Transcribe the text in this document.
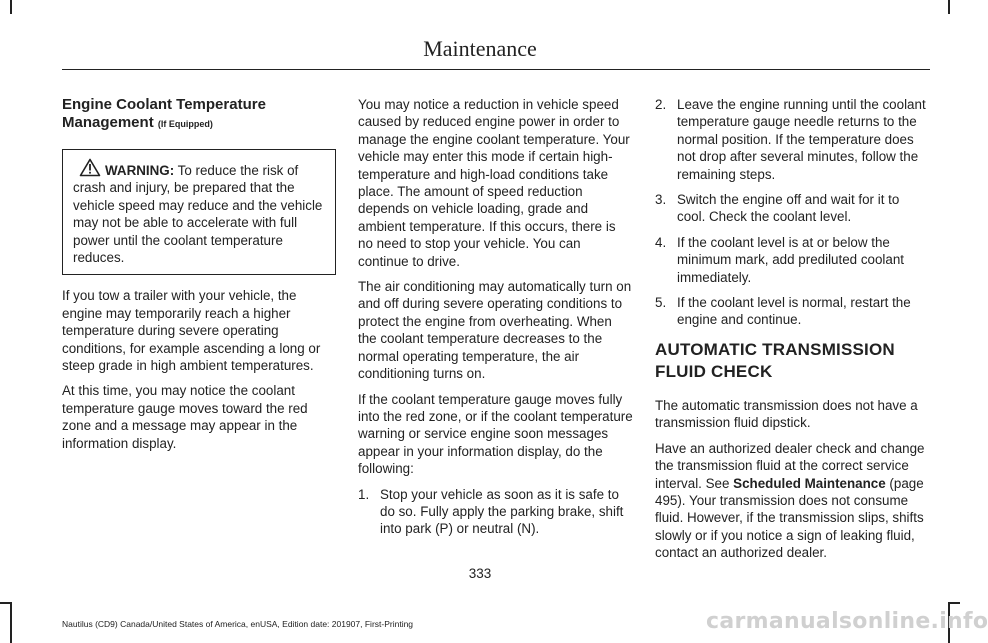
Maintenance
Engine Coolant Temperature Management (If Equipped)
WARNING: To reduce the risk of crash and injury, be prepared that the vehicle speed may reduce and the vehicle may not be able to accelerate with full power until the coolant temperature reduces.

If you tow a trailer with your vehicle, the engine may temporarily reach a higher temperature during severe operating conditions, for example ascending a long or steep grade in high ambient temperatures.

At this time, you may notice the coolant temperature gauge moves toward the red zone and a message may appear in the information display.

You may notice a reduction in vehicle speed caused by reduced engine power in order to manage the engine coolant temperature. Your vehicle may enter this mode if certain high-temperature and high-load conditions take place. The amount of speed reduction depends on vehicle loading, grade and ambient temperature. If this occurs, there is no need to stop your vehicle. You can continue to drive.

The air conditioning may automatically turn on and off during severe operating conditions to protect the engine from overheating. When the coolant temperature decreases to the normal operating temperature, the air conditioning turns on.

If the coolant temperature gauge moves fully into the red zone, or if the coolant temperature warning or service engine soon messages appear in your information display, do the following:

1. Stop your vehicle as soon as it is safe to do so. Fully apply the parking brake, shift into park (P) or neutral (N).
2. Leave the engine running until the coolant temperature gauge needle returns to the normal position. If the temperature does not drop after several minutes, follow the remaining steps.
3. Switch the engine off and wait for it to cool. Check the coolant level.
4. If the coolant level is at or below the minimum mark, add prediluted coolant immediately.
5. If the coolant level is normal, restart the engine and continue.
AUTOMATIC TRANSMISSION FLUID CHECK

The automatic transmission does not have a transmission fluid dipstick.

Have an authorized dealer check and change the transmission fluid at the correct service interval. See Scheduled Maintenance (page 495). Your transmission does not consume fluid. However, if the transmission slips, shifts slowly or if you notice a sign of leaking fluid, contact an authorized dealer.

333
Nautilus (CD9) Canada/United States of America, enUSA, Edition date: 201907, First-Printing	carmanualsonline.info
